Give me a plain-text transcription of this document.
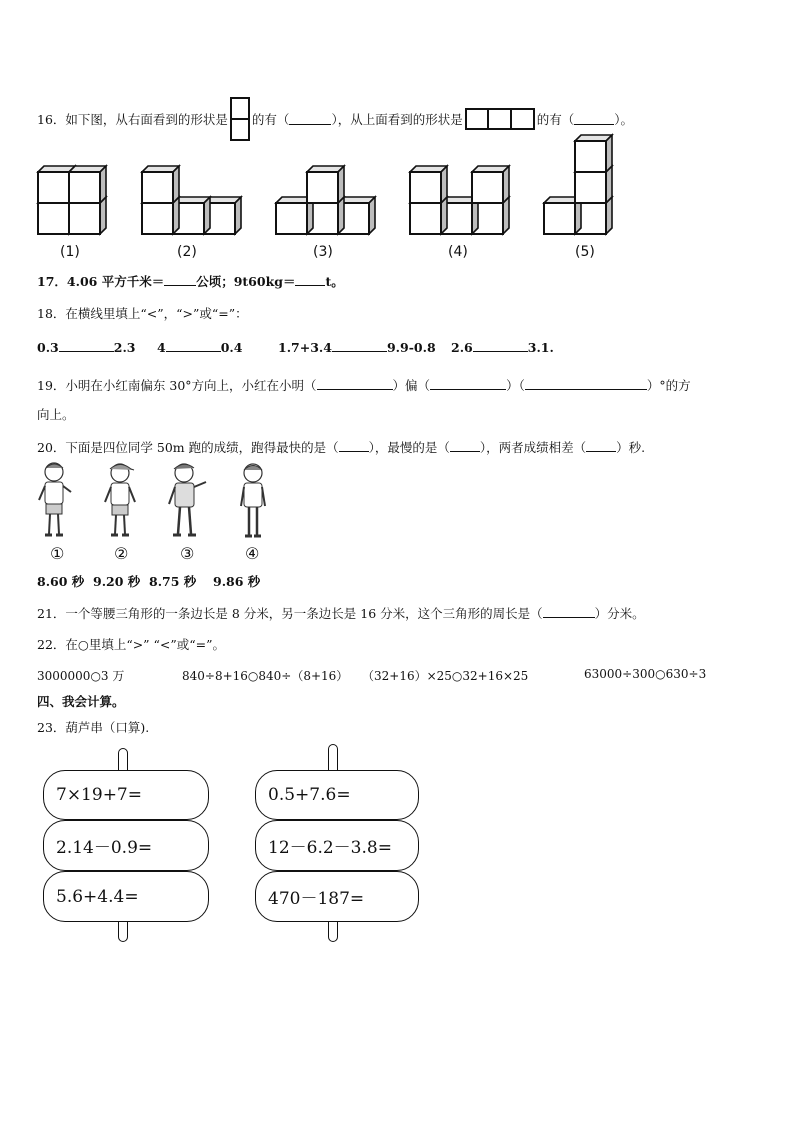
16． 如下图，从右面看到的形状是 的有（	），从上面看到的形状是	的有（	）。
(1)	(2)	(3)	(4)	(5)
17．4.06 平方千米＝	公顷；9t60kg＝ t。
18．在横线里填上“<”，“>”或“=”：
0.3	2.3 4	0.4	1.7+3.4	9.9-0.8 2.6	3.1.
19．小明在小红南偏东 30°方向上，小红在小明（	）偏（	）（	）°的方
向上。
20．下面是四位同学 50m 跑的成绩，跑得最快的是（ ），最慢的是（ ），两者成绩相差（ ）秒.
①	②	③	④
8.60 秒 9.20 秒 8.75 秒 9.86 秒
21．一个等腰三角形的一条边长是 8 分米，另一条边长是 16 分米，这个三角形的周长是（	）分米。
22．在○里填上“>” “<”或“=”。
3000000○3 万	840÷8+16○840÷（8+16） （32+16）×25○32+16×25	63000÷300○630÷3
四、我会计算。
23．葫芦串（口算).
7×19+7=
2.14－0.9=
5.6+4.4=
0.5+7.6=
12－6.2－3.8=
470－187=
